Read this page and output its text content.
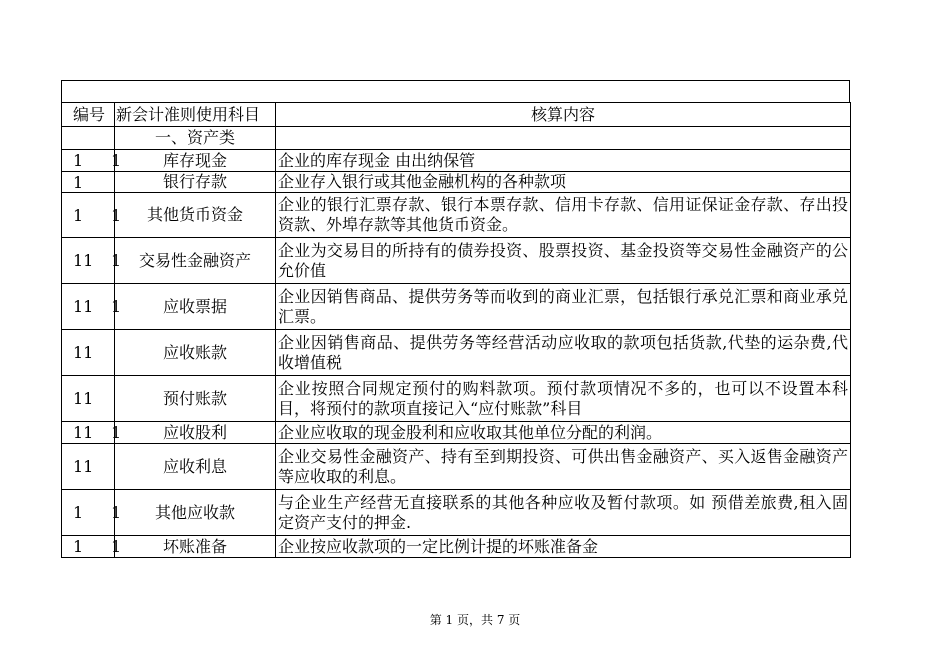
编号	新会计准则使用科目	核算内容
	一、资产类	

1 1	库存现金	企业的库存现金 由出纳保管

1	银行存款	企业存入银行或其他金融机构的各种款项

1 1	其他货币资金	企业的银行汇票存款、银行本票存款、信用卡存款、信用证保证金存款、存出投资款、外埠存款等其他货币资金。

11 1	交易性金融资产	企业为交易目的所持有的债券投资、股票投资、基金投资等交易性金融资产的公允价值

11 1	应收票据	企业因销售商品、提供劳务等而收到的商业汇票，包括银行承兑汇票和商业承兑汇票。

11	应收账款	企业因销售商品、提供劳务等经营活动应收取的款项包括货款,代垫的运杂费,代收增值税

11	预付账款	企业按照合同规定预付的购料款项。预付款项情况不多的，也可以不设置本科目，将预付的款项直接记入“应付账款”科目

11 1	应收股利	企业应收取的现金股利和应收取其他单位分配的利润。

11	应收利息	企业交易性金融资产、持有至到期投资、可供出售金融资产、买入返售金融资产等应收取的利息。

1 1	其他应收款	与企业生产经营无直接联系的其他各种应收及暂付款项。如 预借差旅费,租入固定资产支付的押金.

1 1	坏账准备	企业按应收款项的一定比例计提的坏账准备金
第 1 页，共 7 页
